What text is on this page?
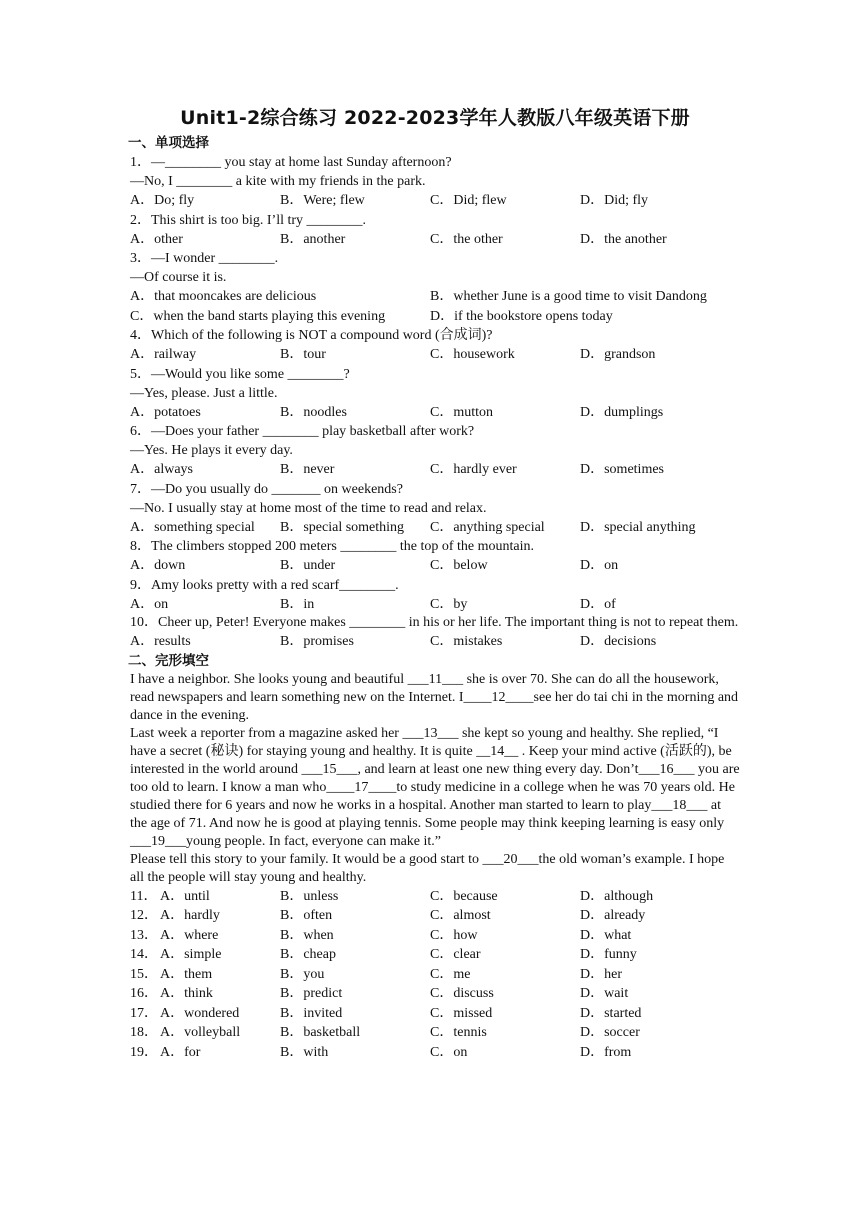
Unit1-2综合练习 2022-2023学年人教版八年级英语下册
一、单项选择
1．—________ you stay at home last Sunday afternoon?
—No, I ________ a kite with my friends in the park.
A．Do; fly	B．Were; flew	C．Did; flew	D．Did; fly
2．This shirt is too big. I’ll try ________.
A．other	B．another	C．the other	D．the another
3．—I wonder ________.
—Of course it is.
A．that mooncakes are delicious	B．whether June is a good time to visit Dandong
C．when the band starts playing this evening	D．if the bookstore opens today
4．Which of the following is NOT a compound word (合成词)?
A．railway	B．tour	C．housework	D．grandson
5．—Would you like some ________?
—Yes, please. Just a little.
A．potatoes	B．noodles	C．mutton	D．dumplings
6．—Does your father ________ play basketball after work?
—Yes. He plays it every day.
A．always	B．never	C．hardly ever	D．sometimes
7．—Do you usually do _______ on weekends?
—No. I usually stay at home most of the time to read and relax.
A．something special	B．special something	C．anything special	D．special anything
8．The climbers stopped 200 meters ________ the top of the mountain.
A．down	B．under	C．below	D．on
9．Amy looks pretty with a red scarf________.
A．on	B．in	C．by	D．of
10．Cheer up, Peter! Everyone makes ________ in his or her life. The important thing is not to repeat them.
A．results	B．promises	C．mistakes	D．decisions
二、完形填空
I have a neighbor. She looks young and beautiful ___11___ she is over 70. She can do all the housework, read newspapers and learn something new on the Internet. I____12____see her do tai chi in the morning and dance in the evening.
Last week a reporter from a magazine asked her ___13___ she kept so young and healthy. She replied, “I have a secret (秘诀) for staying young and healthy. It is quite __14__ . Keep your mind active (活跃的), be interested in the world around ___15___, and learn at least one new thing every day. Don’t___16___ you are too old to learn. I know a man who____17____to study medicine in a college when he was 70 years old. He studied there for 6 years and now he works in a hospital. Another man started to learn to play___18___ at the age of 71. And now he is good at playing tennis. Some people may think keeping learning is easy only ___19___young people. In fact, everyone can make it.”
Please tell this story to your family. It would be a good start to ___20___the old woman’s example. I hope all the people will stay young and healthy.
11． A．until	B．unless	C．because	D．although
12． A．hardly	B．often	C．almost	D．already
13． A．where	B．when	C．how	D．what
14． A．simple	B．cheap	C．clear	D．funny
15． A．them	B．you	C．me	D．her
16． A．think	B．predict	C．discuss	D．wait
17． A．wondered	B．invited	C．missed	D．started
18． A．volleyball	B．basketball	C．tennis	D．soccer
19． A．for	B．with	C．on	D．from
